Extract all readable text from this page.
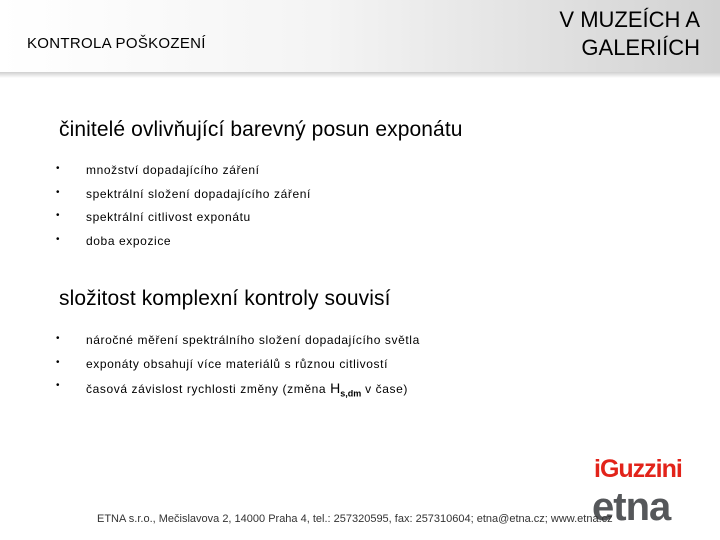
KONTROLA POŠKOZENÍ
V MUZEÍCH A
GALERIÍCH
činitelé ovlivňující barevný posun exponátu
• množství dopadajícího záření
• spektrální složení dopadajícího záření
• spektrální citlivost exponátu
• doba expozice
složitost komplexní kontroly souvisí
• náročné měření spektrálního složení dopadajícího světla
• exponáty obsahují více materiálů s různou citlivostí
• časová závislost rychlosti změny (změna $H_{s,dm}$ v čase)
iGuzzini
etna
ETNA s.r.o., Mečislavova 2, 14000 Praha 4, tel.: 257320595, fax: 257310604; etna@etna.cz; www.etna.cz
